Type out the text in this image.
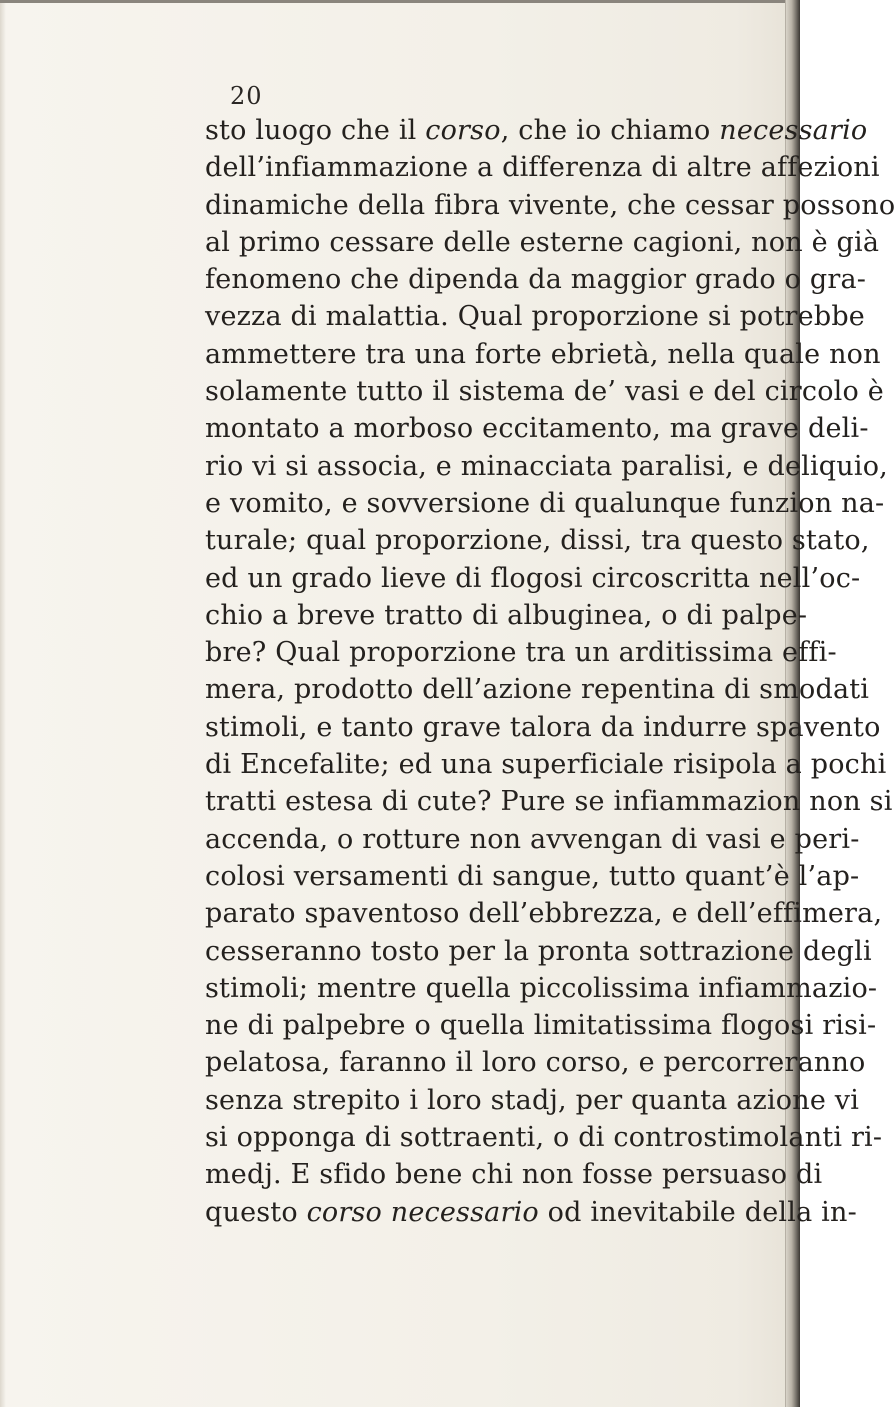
20
sto luogo che il corso, che io chiamo necessario
dell’infiammazione a differenza di altre affezioni
dinamiche della fibra vivente, che cessar possono
al primo cessare delle esterne cagioni, non è già
fenomeno che dipenda da maggior grado o gra-
vezza di malattia. Qual proporzione si potrebbe
ammettere tra una forte ebrietà, nella quale non
solamente tutto il sistema de’ vasi e del circolo è
montato a morboso eccitamento, ma grave deli-
rio vi si associa, e minacciata paralisi, e deliquio,
e vomito, e sovversione di qualunque funzion na-
turale; qual proporzione, dissi, tra questo stato,
ed un grado lieve di flogosi circoscritta nell’oc-
chio a breve tratto di albuginea, o di palpe-
bre? Qual proporzione tra un arditissima effi-
mera, prodotto dell’azione repentina di smodati
stimoli, e tanto grave talora da indurre spavento
di Encefalite; ed una superficiale risipola a pochi
tratti estesa di cute? Pure se infiammazion non si
accenda, o rotture non avvengan di vasi e peri-
colosi versamenti di sangue, tutto quant’è l’ap-
parato spaventoso dell’ebbrezza, e dell’effimera,
cesseranno tosto per la pronta sottrazione degli
stimoli; mentre quella piccolissima infiammazio-
ne di palpebre o quella limitatissima flogosi risi-
pelatosa, faranno il loro corso, e percorreranno
senza strepito i loro stadj, per quanta azione vi
si opponga di sottraenti, o di controstimolanti ri-
medj. E sfido bene chi non fosse persuaso di
questo corso necessario od inevitabile della in-
